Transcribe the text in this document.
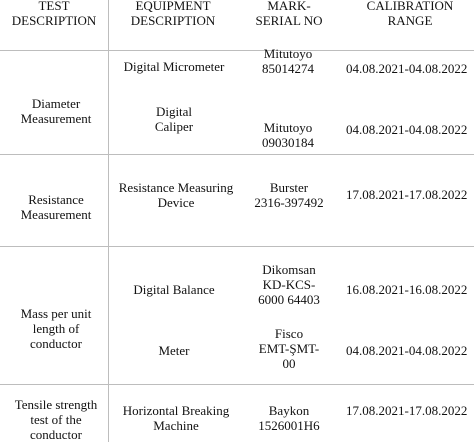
TEST
DESCRIPTION
EQUIPMENT
DESCRIPTION
MARK-
SERIAL NO
CALIBRATION
RANGE
Diameter
Measurement
Digital Micrometer
Mitutoyo
85014274	04.08.2021-04.08.2022
Digital
Caliper	Mitutoyo
09030184
04.08.2021-04.08.2022
Resistance
Measurement
Resistance Measuring
Device
Burster
2316-397492
17.08.2021-17.08.2022
Mass per unit
length of
conductor
Digital Balance
Dikomsan
KD-KCS-
6000 64403
16.08.2021-16.08.2022
Meter
Fisco
EMT-ŞMT-
00
04.08.2021-04.08.2022
Tensile strength
test of the
conductor
Horizontal Breaking
Machine
Baykon
1526001H6
17.08.2021-17.08.2022
